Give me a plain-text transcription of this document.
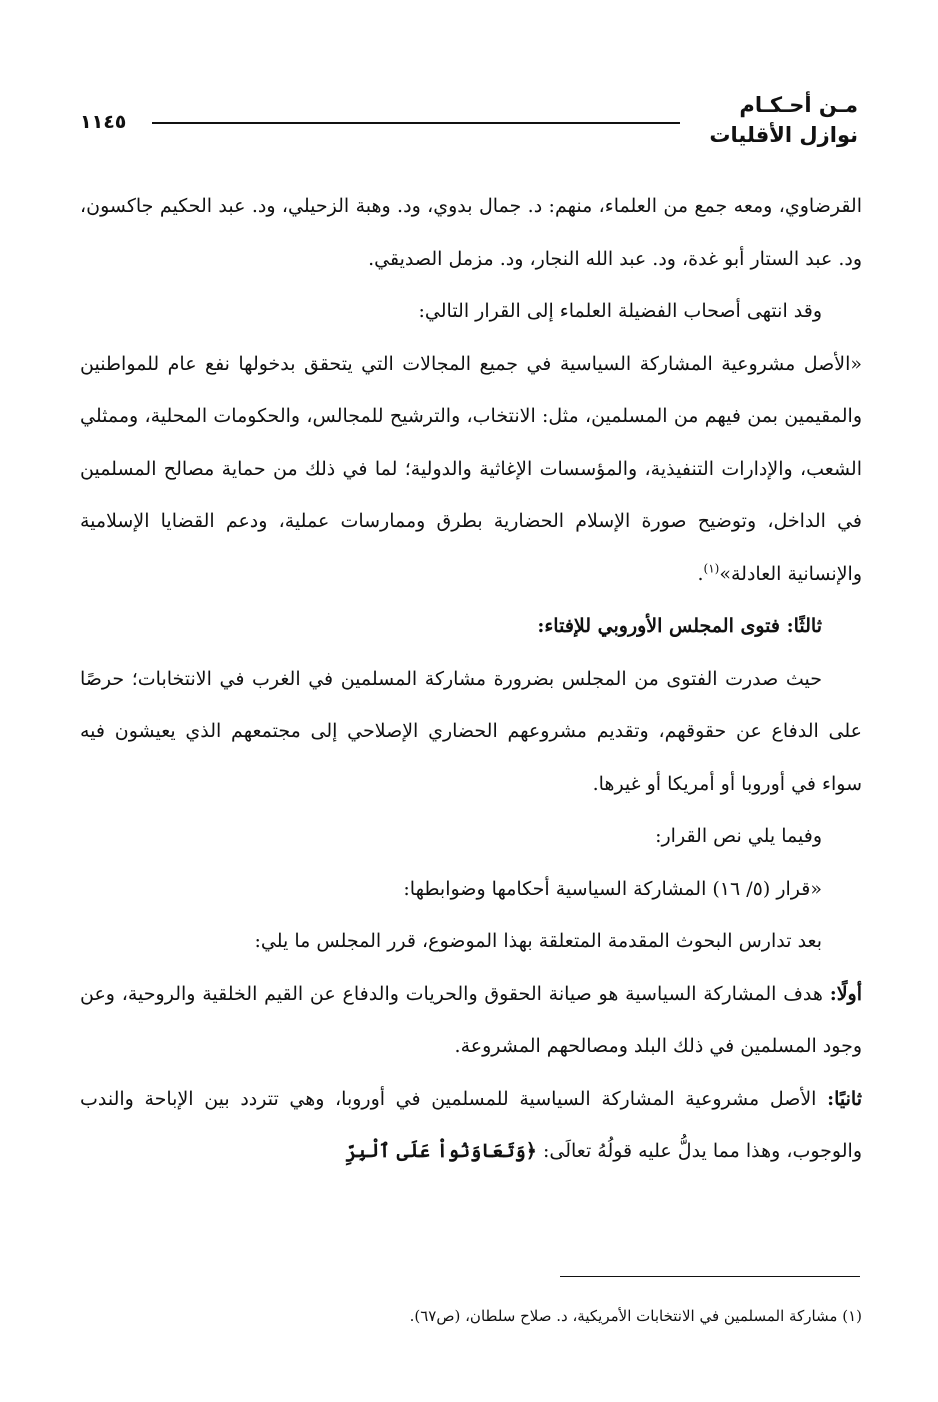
مـن أحـكـام
نوازل الأقليات
١١٤٥

القرضاوي، ومعه جمع من العلماء، منهم: د. جمال بدوي، ود. وهبة الزحيلي، ود. عبد الحكيم جاكسون، ود. عبد الستار أبو غدة، ود. عبد الله النجار، ود. مزمل الصديقي.

وقد انتهى أصحاب الفضيلة العلماء إلى القرار التالي:

«الأصل مشروعية المشاركة السياسية في جميع المجالات التي يتحقق بدخولها نفع عام للمواطنين والمقيمين بمن فيهم من المسلمين، مثل: الانتخاب، والترشيح للمجالس، والحكومات المحلية، وممثلي الشعب، والإدارات التنفيذية، والمؤسسات الإغاثية والدولية؛ لما في ذلك من حماية مصالح المسلمين في الداخل، وتوضيح صورة الإسلام الحضارية بطرق وممارسات عملية، ودعم القضايا الإسلامية والإنسانية العادلة»$^{(١)}$.

ثالثًا: فتوى المجلس الأوروبي للإفتاء:

حيث صدرت الفتوى من المجلس بضرورة مشاركة المسلمين في الغرب في الانتخابات؛ حرصًا على الدفاع عن حقوقهم، وتقديم مشروعهم الحضاري الإصلاحي إلى مجتمعهم الذي يعيشون فيه سواء في أوروبا أو أمريكا أو غيرها.

وفيما يلي نص القرار:

«قرار (٥/ ١٦) المشاركة السياسية أحكامها وضوابطها:

بعد تدارس البحوث المقدمة المتعلقة بهذا الموضوع، قرر المجلس ما يلي:

أولًا: هدف المشاركة السياسية هو صيانة الحقوق والحريات والدفاع عن القيم الخلقية والروحية، وعن وجود المسلمين في ذلك البلد ومصالحهم المشروعة.

ثانيًا: الأصل مشروعية المشاركة السياسية للمسلمين في أوروبا، وهي تتردد بين الإباحة والندب والوجوب، وهذا مما يدلُّ عليه قولُهُ تعالَى: ﴿وَتَعَاوَنُواْ عَلَى ٱلْبِرِّ

(١) مشاركة المسلمين في الانتخابات الأمريكية، د. صلاح سلطان، (ص٦٧).
